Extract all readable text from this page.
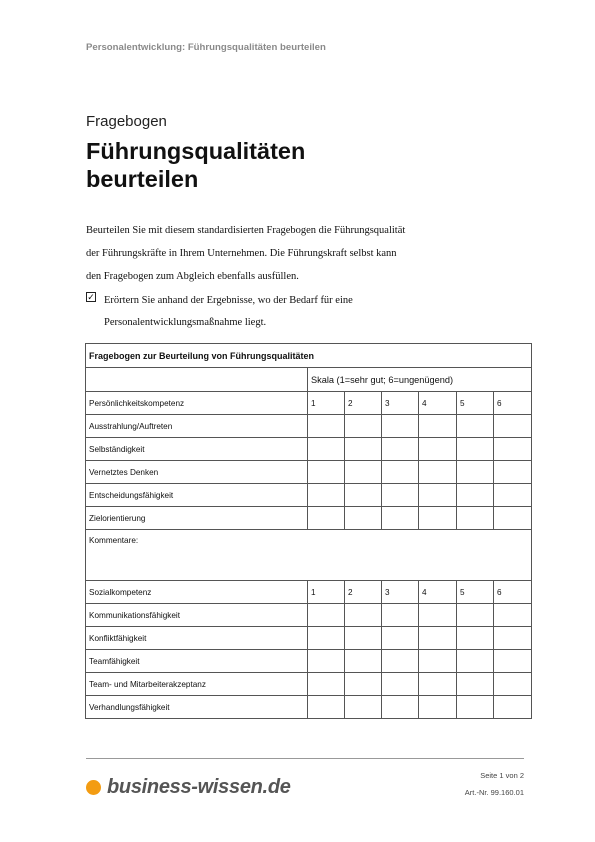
Personalentwicklung: Führungsqualitäten beurteilen
Fragebogen
Führungsqualitäten
beurteilen
Beurteilen Sie mit diesem standardisierten Fragebogen die Führungsqualität
der Führungskräfte in Ihrem Unternehmen. Die Führungskraft selbst kann
den Fragebogen zum Abgleich ebenfalls ausfüllen.
✓ Erörtern Sie anhand der Ergebnisse, wo der Bedarf für eine
Personalentwicklungsmaßnahme liegt.
Fragebogen zur Beurteilung von Führungsqualitäten						
	Skala (1=sehr gut; 6=ungenügend)					
Persönlichkeitskompetenz	1	2	3	4	5	6
Ausstrahlung/Auftreten						
Selbständigkeit						
Vernetztes Denken						
Entscheidungsfähigkeit						
Zielorientierung						
Kommentare:						
Sozialkompetenz	1	2	3	4	5	6
Kommunikationsfähigkeit						
Konfliktfähigkeit						
Teamfähigkeit						
Team- und Mitarbeiterakzeptanz						
Verhandlungsfähigkeit						
business-wissen.de
Seite 1 von 2
Art.-Nr. 99.160.01
